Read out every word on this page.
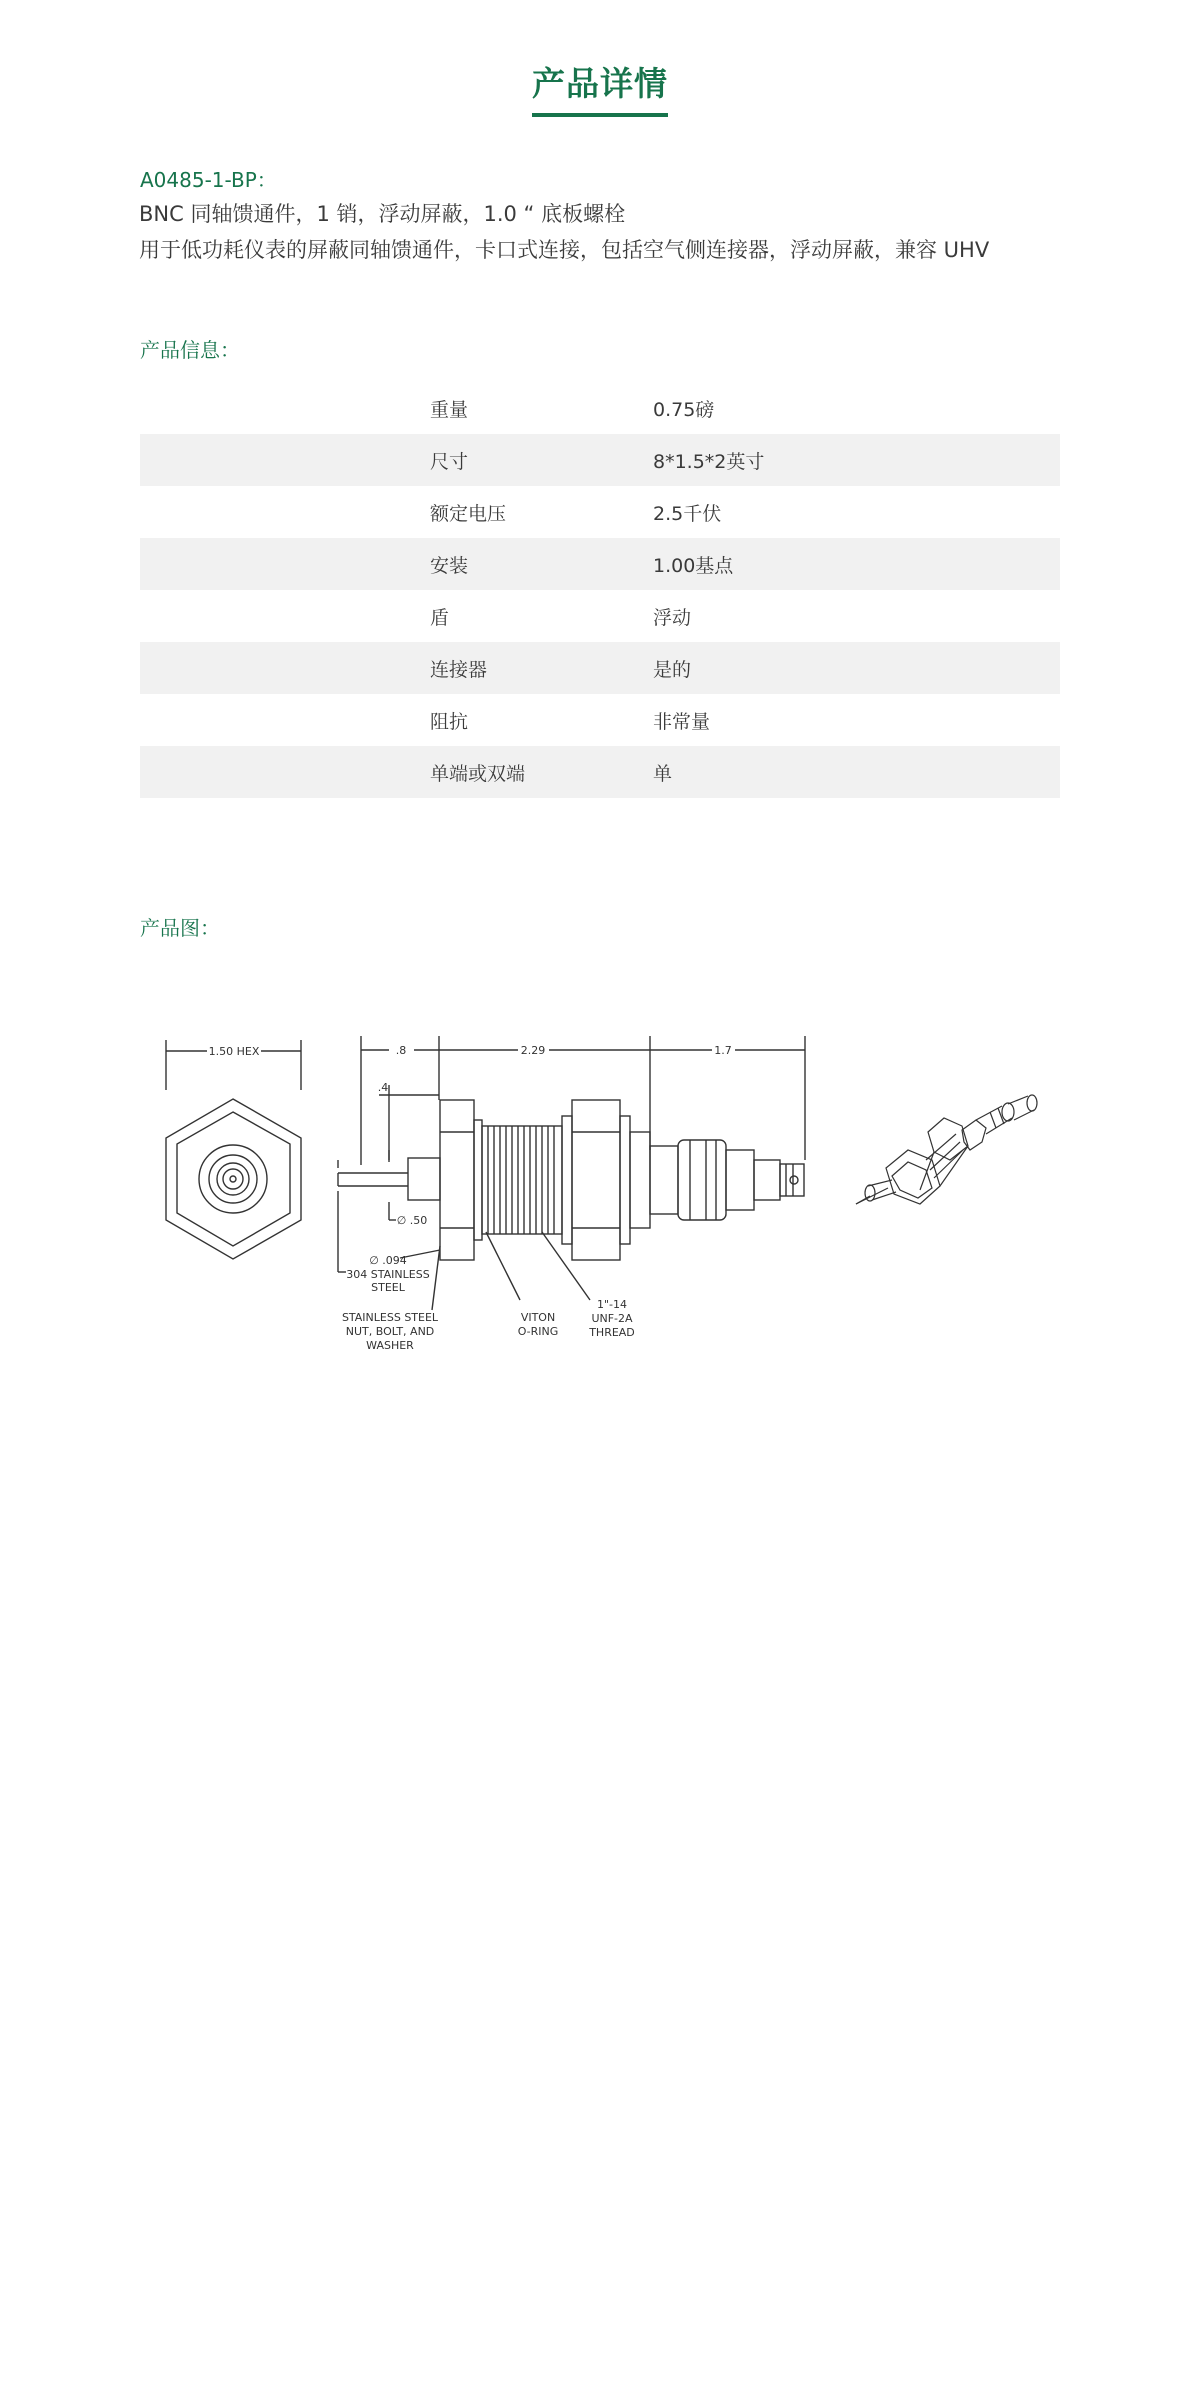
产品详情
A0485-1-BP：
BNC 同轴馈通件，1 销，浮动屏蔽，1.0 “ 底板螺栓
用于低功耗仪表的屏蔽同轴馈通件，卡口式连接，包括空气侧连接器，浮动屏蔽，兼容 UHV
产品信息：
重量	0.75磅
尺寸	8*1.5*2英寸
额定电压	2.5千伏
安装	1.00基点
盾	浮动
连接器	是的
阻抗	非常量
单端或双端	单
产品图：
1.50 HEX	.8	2.29	1.7
.4
∅ .50
∅ .094
304 STAINLESS
STEEL
STAINLESS STEEL
NUT, BOLT, AND
WASHER
VITON
O-RING
1"-14
UNF-2A
THREAD
